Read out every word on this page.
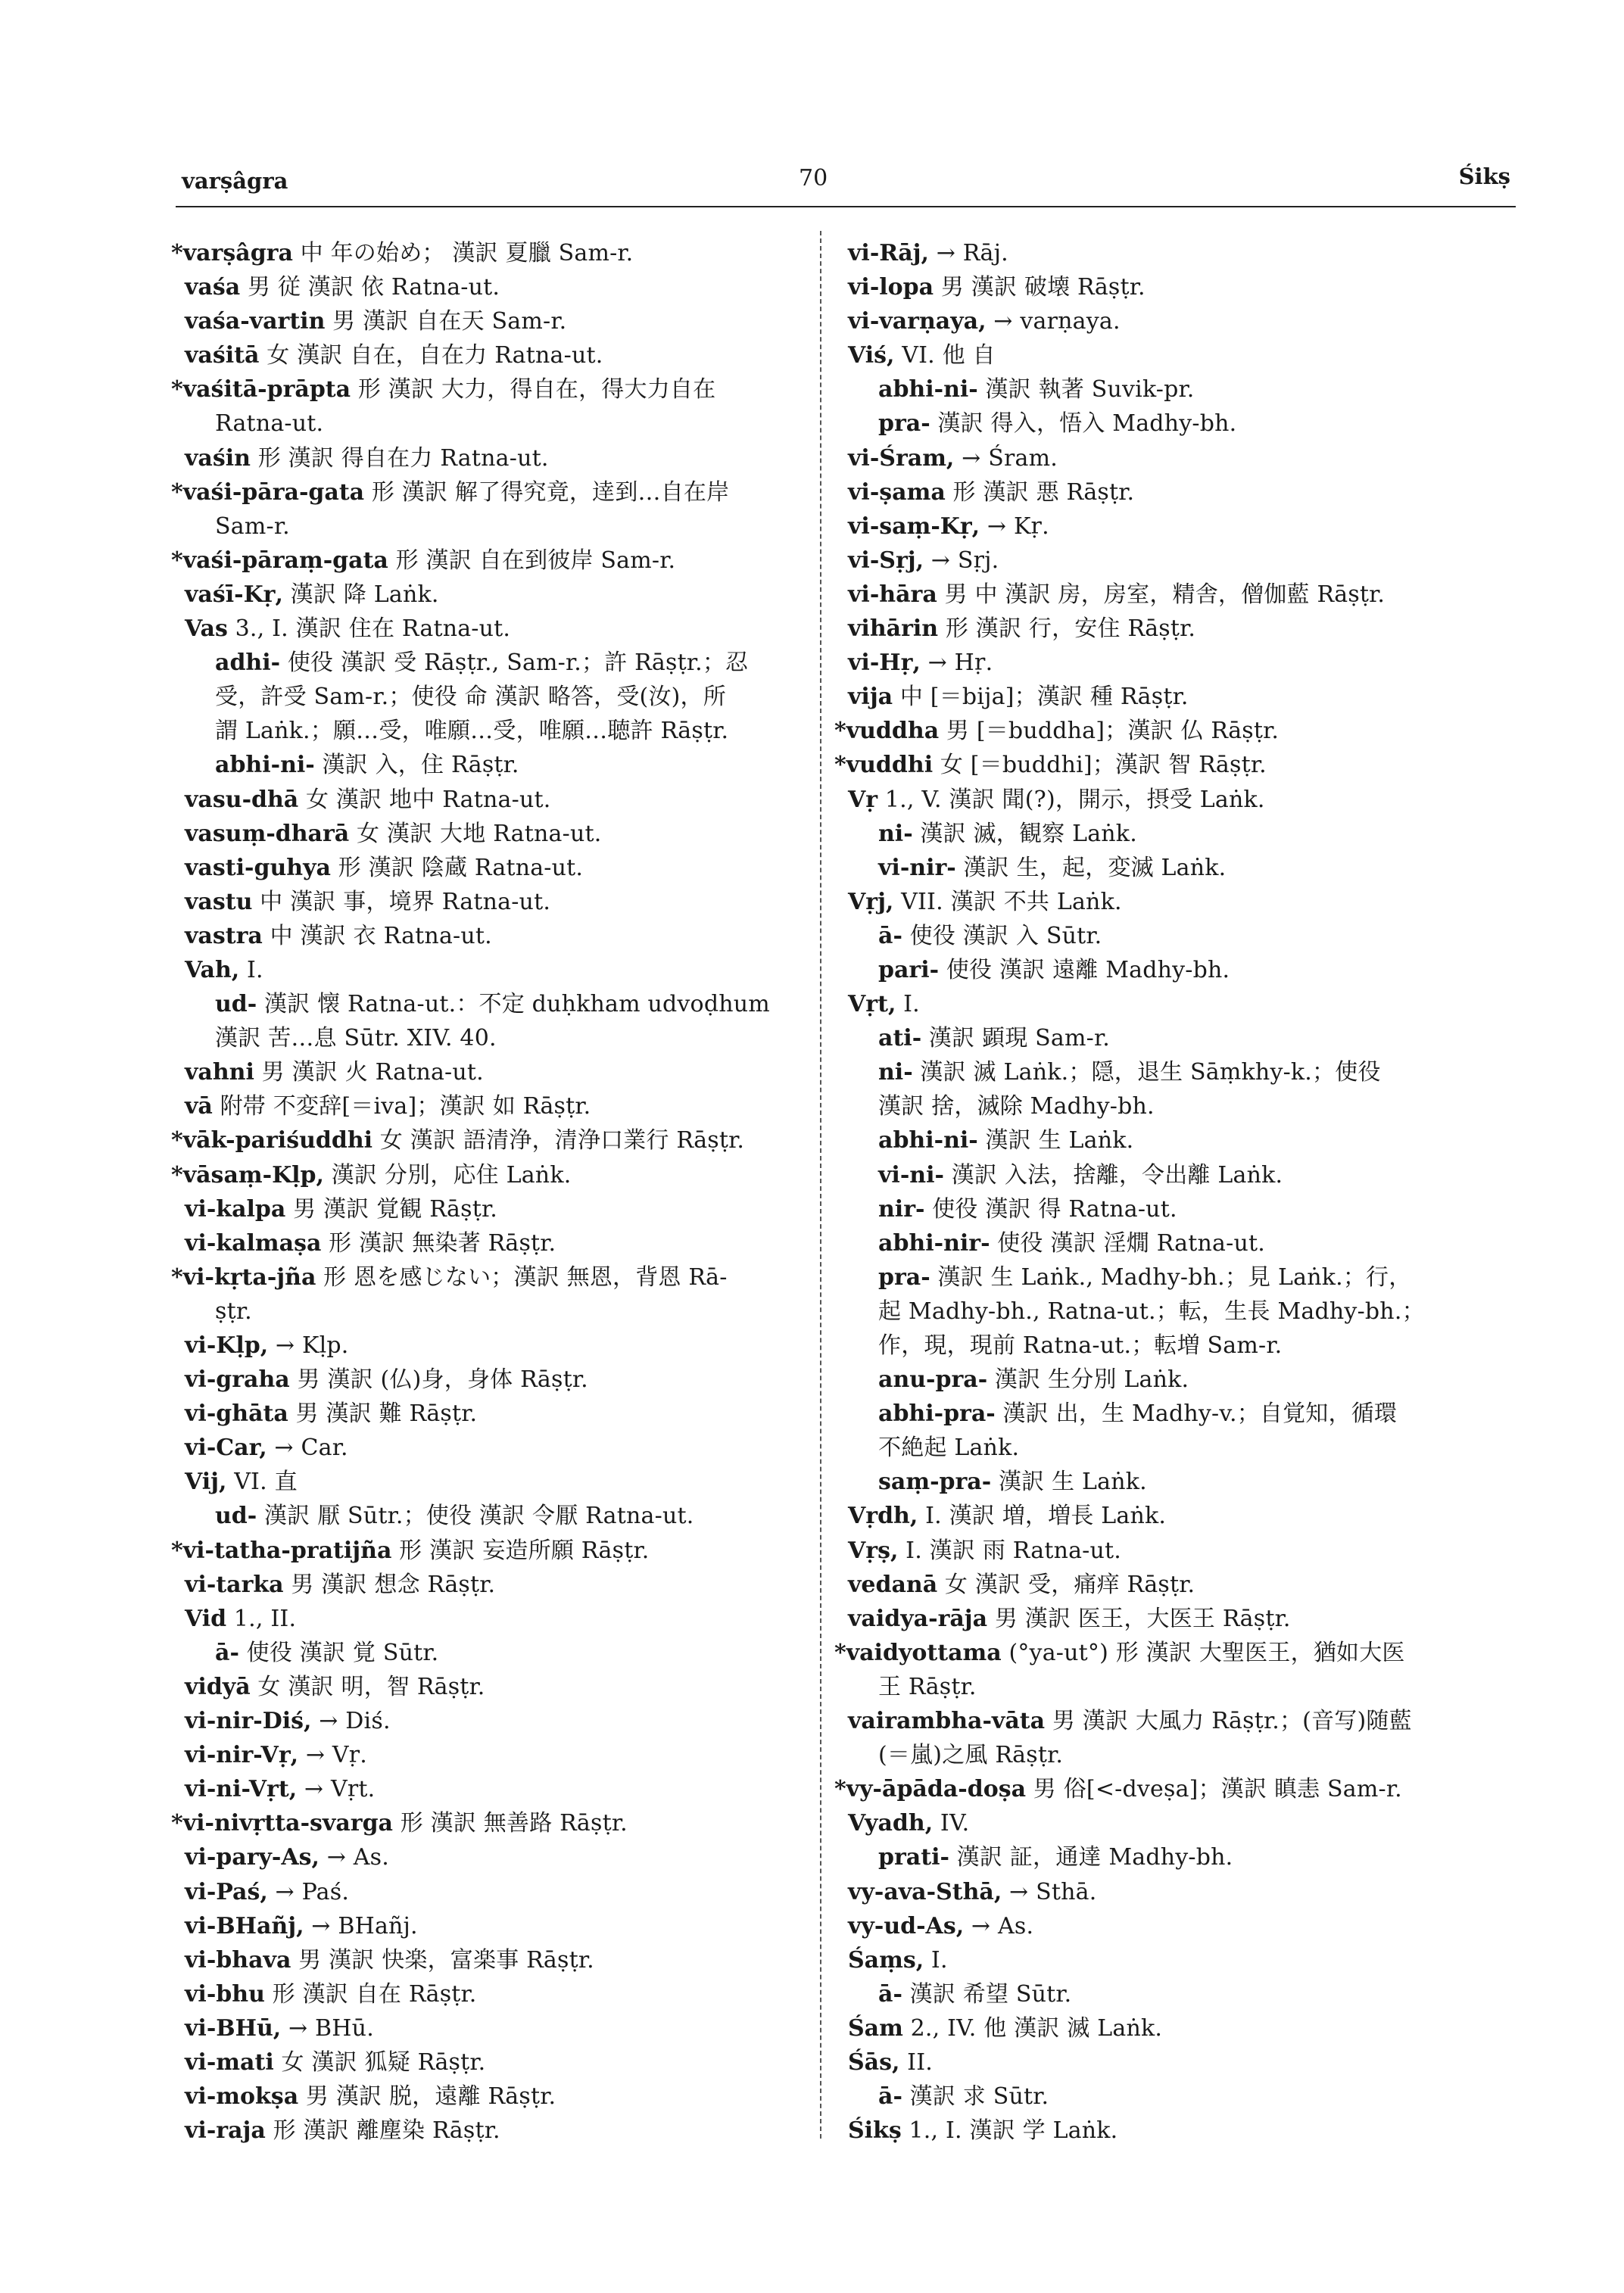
varṣâgra	70	Śikṣ
*varṣâgra 中 年の始め； 漢訳 夏臘 Sam-r.
vaśa 男 従 漢訳 依 Ratna-ut.
vaśa-vartin 男 漢訳 自在天 Sam-r.
vaśitā 女 漢訳 自在，自在力 Ratna-ut.
*vaśitā-prāpta 形 漢訳 大力，得自在，得大力自在
Ratna-ut.
vaśin 形 漢訳 得自在力 Ratna-ut.
*vaśi-pāra-gata 形 漢訳 解了得究竟，逹到…自在岸
Sam-r.
*vaśi-pāraṃ-gata 形 漢訳 自在到彼岸 Sam-r.
vaśī-Kṛ, 漢訳 降 Laṅk.
Vas 3., I. 漢訳 住在 Ratna-ut.
adhi- 使役 漢訳 受 Rāṣṭr., Sam-r.；許 Rāṣṭr.；忍
受，許受 Sam-r.；使役 命 漢訳 略答，受(汝)，所
謂 Laṅk.；願…受，唯願…受，唯願…聴許 Rāṣṭr.
abhi-ni- 漢訳 入，住 Rāṣṭr.
vasu-dhā 女 漢訳 地中 Ratna-ut.
vasuṃ-dharā 女 漢訳 大地 Ratna-ut.
vasti-guhya 形 漢訳 陰蔵 Ratna-ut.
vastu 中 漢訳 事，境界 Ratna-ut.
vastra 中 漢訳 衣 Ratna-ut.
Vah, I.
ud- 漢訳 懐 Ratna-ut.：不定 duḥkham udvoḍhum
漢訳 苦…息 Sūtr. XIV. 40.
vahni 男 漢訳 火 Ratna-ut.
vā 附帯 不変辞[＝iva]；漢訳 如 Rāṣṭr.
*vāk-pariśuddhi 女 漢訳 語清浄，清浄口業行 Rāṣṭr.
*vāsaṃ-Kḷp, 漢訳 分別，応住 Laṅk.
vi-kalpa 男 漢訳 覚観 Rāṣṭr.
vi-kalmaṣa 形 漢訳 無染著 Rāṣṭr.
*vi-kṛta-jña 形 恩を感じない；漢訳 無恩，背恩 Rā-
ṣṭr.
vi-Kḷp, → Kḷp.
vi-graha 男 漢訳 (仏)身，身体 Rāṣṭr.
vi-ghāta 男 漢訳 難 Rāṣṭr.
vi-Car, → Car.
Vij, VI. 直
ud- 漢訳 厭 Sūtr.；使役 漢訳 令厭 Ratna-ut.
*vi-tatha-pratijña 形 漢訳 妄造所願 Rāṣṭr.
vi-tarka 男 漢訳 想念 Rāṣṭr.
Vid 1., II.
ā- 使役 漢訳 覚 Sūtr.
vidyā 女 漢訳 明，智 Rāṣṭr.
vi-nir-Diś, → Diś.
vi-nir-Vṛ, → Vṛ.
vi-ni-Vṛt, → Vṛt.
*vi-nivṛtta-svarga 形 漢訳 無善路 Rāṣṭr.
vi-pary-As, → As.
vi-Paś, → Paś.
vi-BHañj, → BHañj.
vi-bhava 男 漢訳 快楽，富楽事 Rāṣṭr.
vi-bhu 形 漢訳 自在 Rāṣṭr.
vi-BHū, → BHū.
vi-mati 女 漢訳 狐疑 Rāṣṭr.
vi-mokṣa 男 漢訳 脱，遠離 Rāṣṭr.
vi-raja 形 漢訳 離塵染 Rāṣṭr.
vi-Rāj, → Rāj.
vi-lopa 男 漢訳 破壊 Rāṣṭr.
vi-varṇaya, → varṇaya.
Viś, VI. 他 自
abhi-ni- 漢訳 執著 Suvik-pr.
pra- 漢訳 得入，悟入 Madhy-bh.
vi-Śram, → Śram.
vi-ṣama 形 漢訳 悪 Rāṣṭr.
vi-saṃ-Kṛ, → Kṛ.
vi-Sṛj, → Sṛj.
vi-hāra 男 中 漢訳 房，房室，精舎，僧伽藍 Rāṣṭr.
vihārin 形 漢訳 行，安住 Rāṣṭr.
vi-Hṛ, → Hṛ.
vija 中 [＝bija]；漢訳 種 Rāṣṭr.
*vuddha 男 [＝buddha]；漢訳 仏 Rāṣṭr.
*vuddhi 女 [＝buddhi]；漢訳 智 Rāṣṭr.
Vṛ 1., V. 漢訳 聞(?)，開示，摂受 Laṅk.
ni- 漢訳 滅，観察 Laṅk.
vi-nir- 漢訳 生，起，変滅 Laṅk.
Vṛj, VII. 漢訳 不共 Laṅk.
ā- 使役 漢訳 入 Sūtr.
pari- 使役 漢訳 遠離 Madhy-bh.
Vṛt, I.
ati- 漢訳 顕現 Sam-r.
ni- 漢訳 滅 Laṅk.；隠，退生 Sāṃkhy-k.；使役
漢訳 捨，滅除 Madhy-bh.
abhi-ni- 漢訳 生 Laṅk.
vi-ni- 漢訳 入法，捨離，令出離 Laṅk.
nir- 使役 漢訳 得 Ratna-ut.
abhi-nir- 使役 漢訳 淫燗 Ratna-ut.
pra- 漢訳 生 Laṅk., Madhy-bh.；見 Laṅk.；行，
起 Madhy-bh., Ratna-ut.；転，生長 Madhy-bh.；
作，現，現前 Ratna-ut.；転増 Sam-r.
anu-pra- 漢訳 生分別 Laṅk.
abhi-pra- 漢訳 出，生 Madhy-v.；自覚知，循環
不絶起 Laṅk.
saṃ-pra- 漢訳 生 Laṅk.
Vṛdh, I. 漢訳 増，増長 Laṅk.
Vṛṣ, I. 漢訳 雨 Ratna-ut.
vedanā 女 漢訳 受，痛痒 Rāṣṭr.
vaidya-rāja 男 漢訳 医王，大医王 Rāṣṭr.
*vaidyottama (°ya-ut°) 形 漢訳 大聖医王，猶如大医
王 Rāṣṭr.
vairambha-vāta 男 漢訳 大風力 Rāṣṭr.；(音写)随藍
(＝嵐)之風 Rāṣṭr.
*vy-āpāda-doṣa 男 俗[<-dveṣa]；漢訳 瞋恚 Sam-r.
Vyadh, IV.
prati- 漢訳 証，通達 Madhy-bh.
vy-ava-Sthā, → Sthā.
vy-ud-As, → As.
Śaṃs, I.
ā- 漢訳 希望 Sūtr.
Śam 2., IV. 他 漢訳 滅 Laṅk.
Śās, II.
ā- 漢訳 求 Sūtr.
Śikṣ 1., I. 漢訳 学 Laṅk.
